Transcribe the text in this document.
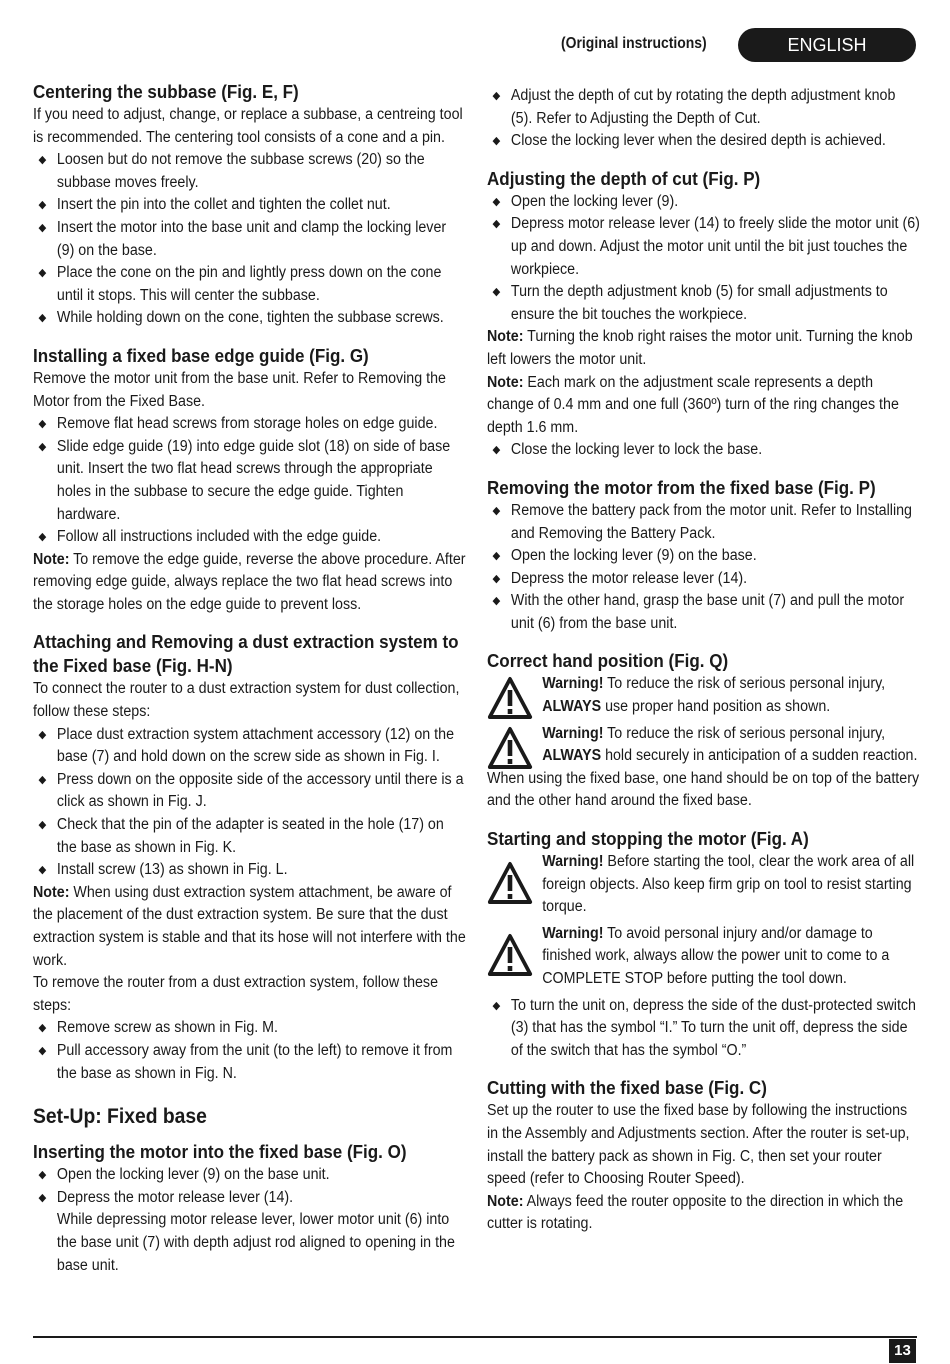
(Original instructions)	ENGLISH
Centering the subbase (Fig. E, F)

If you need to adjust, change, or replace a subbase, a centreing tool is recommended. The centering tool consists of a cone and a pin.

◆ Loosen but do not remove the subbase screws (20) so the subbase moves freely.
◆ Insert the pin into the collet and tighten the collet nut.
◆ Insert the motor into the base unit and clamp the locking lever (9) on the base.
◆ Place the cone on the pin and lightly press down on the cone until it stops. This will center the subbase.
◆ While holding down on the cone, tighten the subbase screws.
Installing a fixed base edge guide (Fig. G)

Remove the motor unit from the base unit. Refer to Removing the Motor from the Fixed Base.

◆ Remove flat head screws from storage holes on edge guide.
◆ Slide edge guide (19) into edge guide slot (18) on side of base unit. Insert the two flat head screws through the appropriate holes in the subbase to secure the edge guide. Tighten hardware.
◆ Follow all instructions included with the edge guide.

Note: To remove the edge guide, reverse the above procedure. After removing edge guide, always replace the two flat head screws into the storage holes on the edge guide to prevent loss.

Attaching and Removing a dust extraction system to the Fixed base (Fig. H-N)

To connect the router to a dust extraction system for dust collection, follow these steps:

◆ Place dust extraction system attachment accessory (12) on the base (7) and hold down on the screw side as shown in Fig. I.
◆ Press down on the opposite side of the accessory until there is a click as shown in Fig. J.
◆ Check that the pin of the adapter is seated in the hole (17) on the base as shown in Fig. K.
◆ Install screw (13) as shown in Fig. L.

Note: When using dust extraction system attachment, be aware of the placement of the dust extraction system. Be sure that the dust extraction system is stable and that its hose will not interfere with the work.

To remove the router from a dust extraction system, follow these steps:

◆ Remove screw as shown in Fig. M.
◆ Pull accessory away from the unit (to the left) to remove it from the base as shown in Fig. N.
Set-Up: Fixed base
Inserting the motor into the fixed base (Fig. O)
◆ Open the locking lever (9) on the base unit.
◆ Depress the motor release lever (14).

While depressing motor release lever, lower motor unit (6) into the base unit (7) with depth adjust rod aligned to opening in the base unit.

◆ Adjust the depth of cut by rotating the depth adjustment knob (5). Refer to Adjusting the Depth of Cut.
◆ Close the locking lever when the desired depth is achieved.
Adjusting the depth of cut (Fig. P)
◆ Open the locking lever (9).
◆ Depress motor release lever (14) to freely slide the motor unit (6) up and down. Adjust the motor unit until the bit just touches the workpiece.
◆ Turn the depth adjustment knob (5) for small adjustments to ensure the bit touches the workpiece.

Note: Turning the knob right raises the motor unit. Turning the knob left lowers the motor unit.

Note: Each mark on the adjustment scale represents a depth change of 0.4 mm and one full (360º) turn of the ring changes the depth 1.6 mm.

◆ Close the locking lever to lock the base.
Removing the motor from the fixed base (Fig. P)
◆ Remove the battery pack from the motor unit. Refer to Installing and Removing the Battery Pack.
◆ Open the locking lever (9) on the base.
◆ Depress the motor release lever (14).
◆ With the other hand, grasp the base unit (7) and pull the motor unit (6) from the base unit.
Correct hand position (Fig. Q)

Warning! To reduce the risk of serious personal injury, ALWAYS use proper hand position as shown.

Warning! To reduce the risk of serious personal injury, ALWAYS hold securely in anticipation of a sudden reaction.

When using the fixed base, one hand should be on top of the battery and the other hand around the fixed base.

Starting and stopping the motor (Fig. A)

Warning! Before starting the tool, clear the work area of all foreign objects. Also keep firm grip on tool to resist starting torque.

Warning! To avoid personal injury and/or damage to finished work, always allow the power unit to come to a COMPLETE STOP before putting the tool down.

◆ To turn the unit on, depress the side of the dust-protected switch (3) that has the symbol “I.” To turn the unit off, depress the side of the switch that has the symbol “O.”
Cutting with the fixed base (Fig. C)

Set up the router to use the fixed base by following the instructions in the Assembly and Adjustments section. After the router is set-up, install the battery pack as shown in Fig. C, then set your router speed (refer to Choosing Router Speed).

Note: Always feed the router opposite to the direction in which the cutter is rotating.

13
